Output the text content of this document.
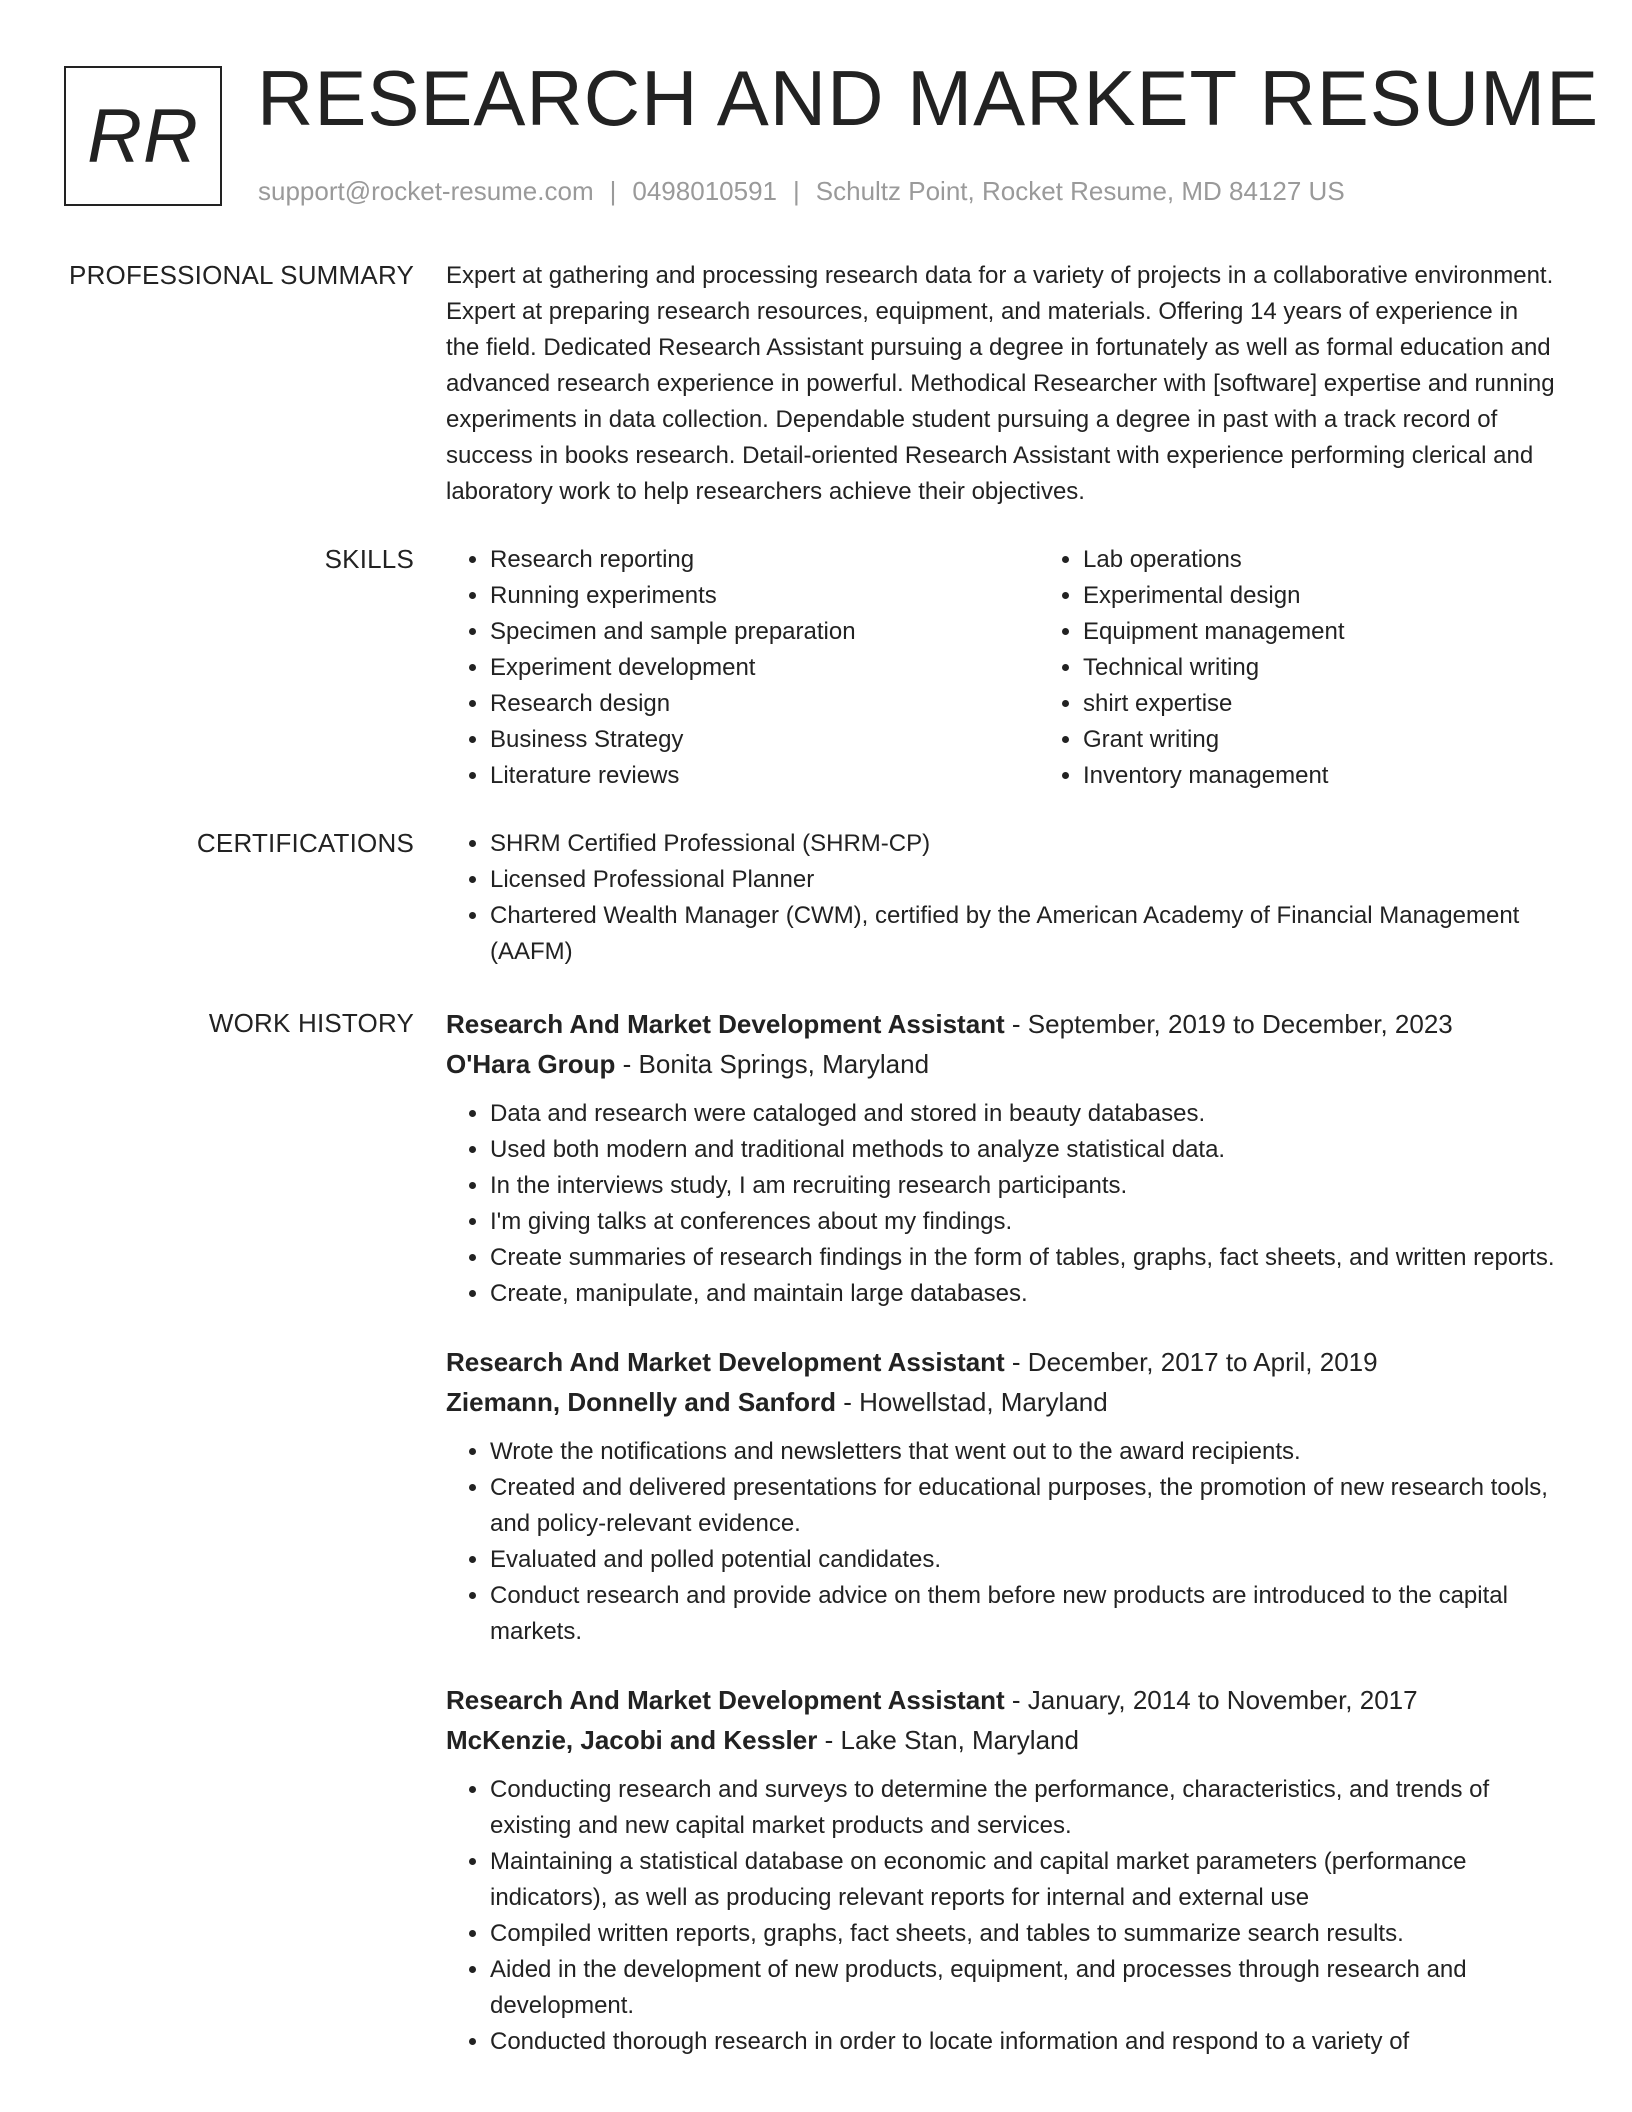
RR RESEARCH AND MARKET RESUME
support@rocket-resume.com | 0498010591 | Schultz Point, Rocket Resume, MD 84127 US
PROFESSIONAL SUMMARY Expert at gathering and processing research data for a variety of projects in a collaborative environment. Expert at preparing research resources, equipment, and materials. Offering 14 years of experience in the field. Dedicated Research Assistant pursuing a degree in fortunately as well as formal education and advanced research experience in powerful. Methodical Researcher with [software] expertise and running experiments in data collection. Dependable student pursuing a degree in past with a track record of success in books research. Detail-oriented Research Assistant with experience performing clerical and laboratory work to help researchers achieve their objectives.

SKILLS	• Research reporting
• Running experiments
• Specimen and sample preparation
• Experiment development
• Research design
• Business Strategy
• Literature reviews
• Lab operations
• Experimental design
• Equipment management
• Technical writing
• shirt expertise
• Grant writing
• Inventory management
CERTIFICATIONS	• SHRM Certified Professional (SHRM-CP)
• Licensed Professional Planner
• Chartered Wealth Manager (CWM), certified by the American Academy of Financial Management (AAFM)
WORK HISTORY Research And Market Development Assistant - September, 2019 to December, 2023
O'Hara Group - Bonita Springs, Maryland
• Data and research were cataloged and stored in beauty databases.
• Used both modern and traditional methods to analyze statistical data.
• In the interviews study, I am recruiting research participants.
• I'm giving talks at conferences about my findings.
• Create summaries of research findings in the form of tables, graphs, fact sheets, and written reports.
• Create, manipulate, and maintain large databases.
Research And Market Development Assistant - December, 2017 to April, 2019
Ziemann, Donnelly and Sanford - Howellstad, Maryland
• Wrote the notifications and newsletters that went out to the award recipients.
• Created and delivered presentations for educational purposes, the promotion of new research tools, and policy-relevant evidence.
• Evaluated and polled potential candidates.
• Conduct research and provide advice on them before new products are introduced to the capital markets.
Research And Market Development Assistant - January, 2014 to November, 2017
McKenzie, Jacobi and Kessler - Lake Stan, Maryland
• Conducting research and surveys to determine the performance, characteristics, and trends of existing and new capital market products and services.
• Maintaining a statistical database on economic and capital market parameters (performance indicators), as well as producing relevant reports for internal and external use
• Compiled written reports, graphs, fact sheets, and tables to summarize search results.
• Aided in the development of new products, equipment, and processes through research and development.
• Conducted thorough research in order to locate information and respond to a variety of
